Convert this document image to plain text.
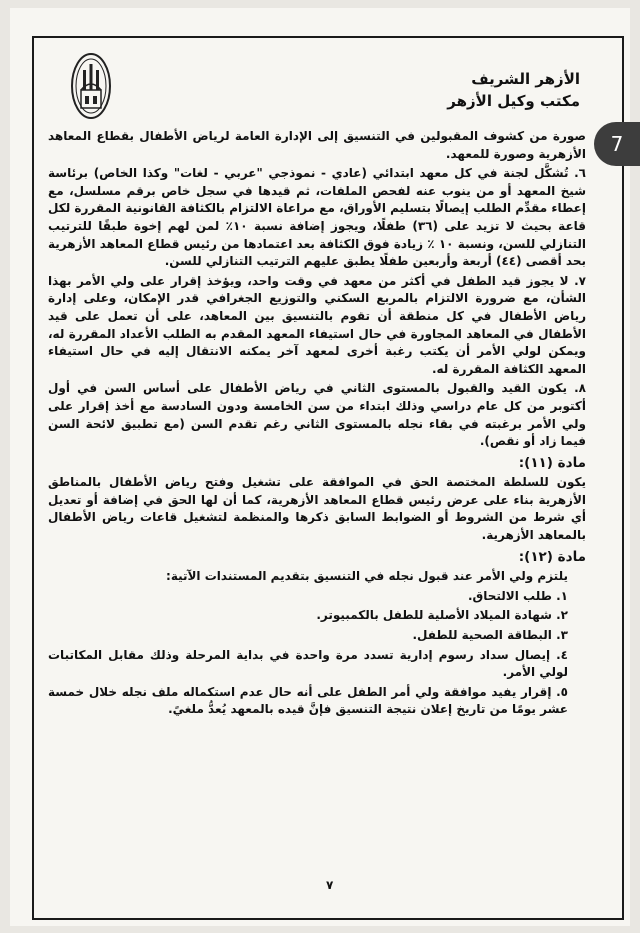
الأزهر الشريف
مكتب وكيل الأزهر

صورة من كشوف المقبولين في التنسيق إلى الإدارة العامة لرياض الأطفال بقطاع المعاهد الأزهرية وصورة للمعهد.

٦. تُشكَّل لجنة في كل معهد ابتدائي (عادي - نموذجي "عربي - لغات" وكذا الخاص) برئاسة شيخ المعهد أو من ينوب عنه لفحص الملفات، ثم قيدها في سجل خاص برقم مسلسل، مع إعطاء مقدِّم الطلب إيصالًا بتسليم الأوراق، مع مراعاة الالتزام بالكثافة القانونية المقررة لكل قاعة بحيث لا تزيد على (٣٦) طفلًا، ويجوز إضافة نسبة ١٠٪ لمن لهم إخوة طبقًا للترتيب التنازلي للسن، ونسبة ١٠ ٪ زيادة فوق الكثافة بعد اعتمادها من رئيس قطاع المعاهد الأزهرية بحد أقصى (٤٤) أربعة وأربعين طفلًا يطبق عليهم الترتيب التنازلي للسن.

٧. لا يجوز قيد الطفل في أكثر من معهد في وقت واحد، ويؤخذ إقرار على ولي الأمر بهذا الشأن، مع ضرورة الالتزام بالمربع السكني والتوزيع الجغرافي قدر الإمكان، وعلى إدارة رياض الأطفال في كل منطقة أن تقوم بالتنسيق بين المعاهد، على أن تعمل على قيد الأطفال في المعاهد المجاورة في حال استيفاء المعهد المقدم به الطلب الأعداد المقررة له، ويمكن لولي الأمر أن يكتب رغبة أخرى لمعهد آخر يمكنه الانتقال إليه في حال استيفاء المعهد الكثافة المقررة له.

٨. يكون القيد والقبول بالمستوى الثاني في رياض الأطفال على أساس السن في أول أكتوبر من كل عام دراسي وذلك ابتداء من سن الخامسة ودون السادسة مع أخذ إقرار على ولي الأمر برغبته في بقاء نجله بالمستوى الثاني رغم تقدم السن (مع تطبيق لائحة السن فيما زاد أو نقص).

مادة (١١):

يكون للسلطة المختصة الحق في الموافقة على تشغيل وفتح رياض الأطفال بالمناطق الأزهرية بناء على عرض رئيس قطاع المعاهد الأزهرية، كما أن لها الحق في إضافة أو تعديل أي شرط من الشروط أو الضوابط السابق ذكرها والمنظمة لتشغيل قاعات رياض الأطفال بالمعاهد الأزهرية.

مادة (١٢):

يلتزم ولي الأمر عند قبول نجله في التنسيق بتقديم المستندات الآتية:

١. طلب الالتحاق.

٢. شهادة الميلاد الأصلية للطفل بالكمبيوتر.

٣. البطاقة الصحية للطفل.

٤. إيصال سداد رسوم إدارية تسدد مرة واحدة في بداية المرحلة وذلك مقابل المكاتبات لولي الأمر.

٥. إقرار يفيد موافقة ولي أمر الطفل على أنه حال عدم استكماله ملف نجله خلال خمسة عشر يومًا من تاريخ إعلان نتيجة التنسيق فإنَّ قيده بالمعهد يُعدُّ ملغيً.

٧
7
